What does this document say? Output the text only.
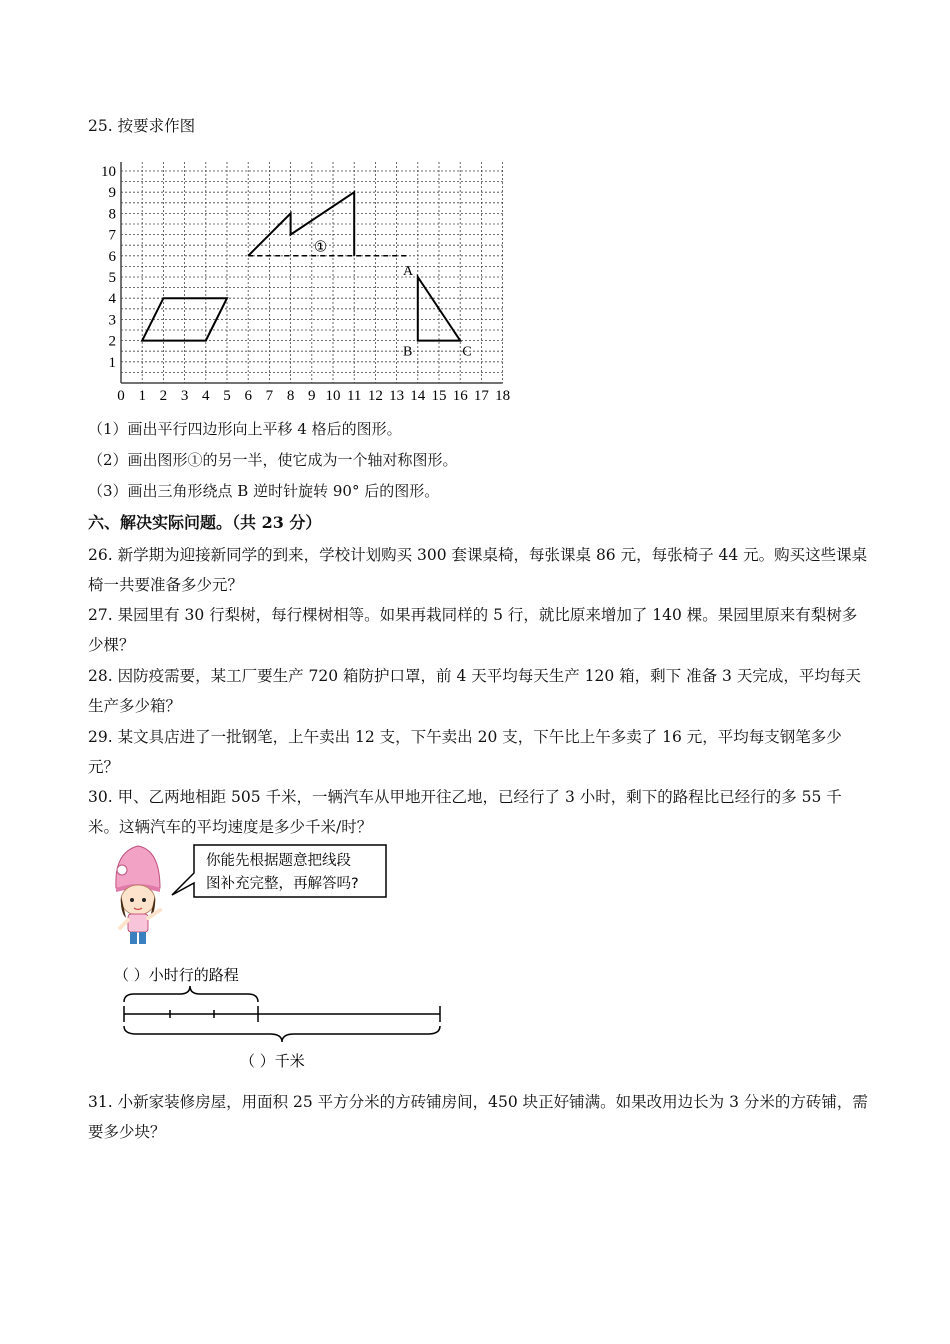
25. 按要求作图
1
2
3
4
5
6
7
8
9
10
0 1 2 3 4 5 6 7 8 9 10 11 12 13 14 15 16 17 18
①
A
B	C
（1）画出平行四边形向上平移 4 格后的图形。
（2）画出图形①的另一半，使它成为一个轴对称图形。
（3）画出三角形绕点 B 逆时针旋转 90° 后的图形。
六、解决实际问题。（共 23 分）
26. 新学期为迎接新同学的到来，学校计划购买 300 套课桌椅，每张课桌 86 元，每张椅子 44 元。购买这些课桌椅一共要准备多少元？
27. 果园里有 30 行梨树，每行棵树相等。如果再栽同样的 5 行，就比原来增加了 140 棵。果园里原来有梨树多少棵？
28. 因防疫需要，某工厂要生产 720 箱防护口罩，前 4 天平均每天生产 120 箱，剩下 准备 3 天完成，平均每天生产多少箱？
29. 某文具店进了一批钢笔，上午卖出 12 支，下午卖出 20 支，下午比上午多卖了 16 元，平均每支钢笔多少元？
30. 甲、乙两地相距 505 千米，一辆汽车从甲地开往乙地，已经行了 3 小时，剩下的路程比已经行的多 55 千米。这辆汽车的平均速度是多少千米/时？
你能先根据题意把线段
图补充完整，再解答吗?
（ ）小时行的路程
（ ）千米
31. 小新家装修房屋，用面积 25 平方分米的方砖铺房间，450 块正好铺满。如果改用边长为 3 分米的方砖铺，需要多少块？
